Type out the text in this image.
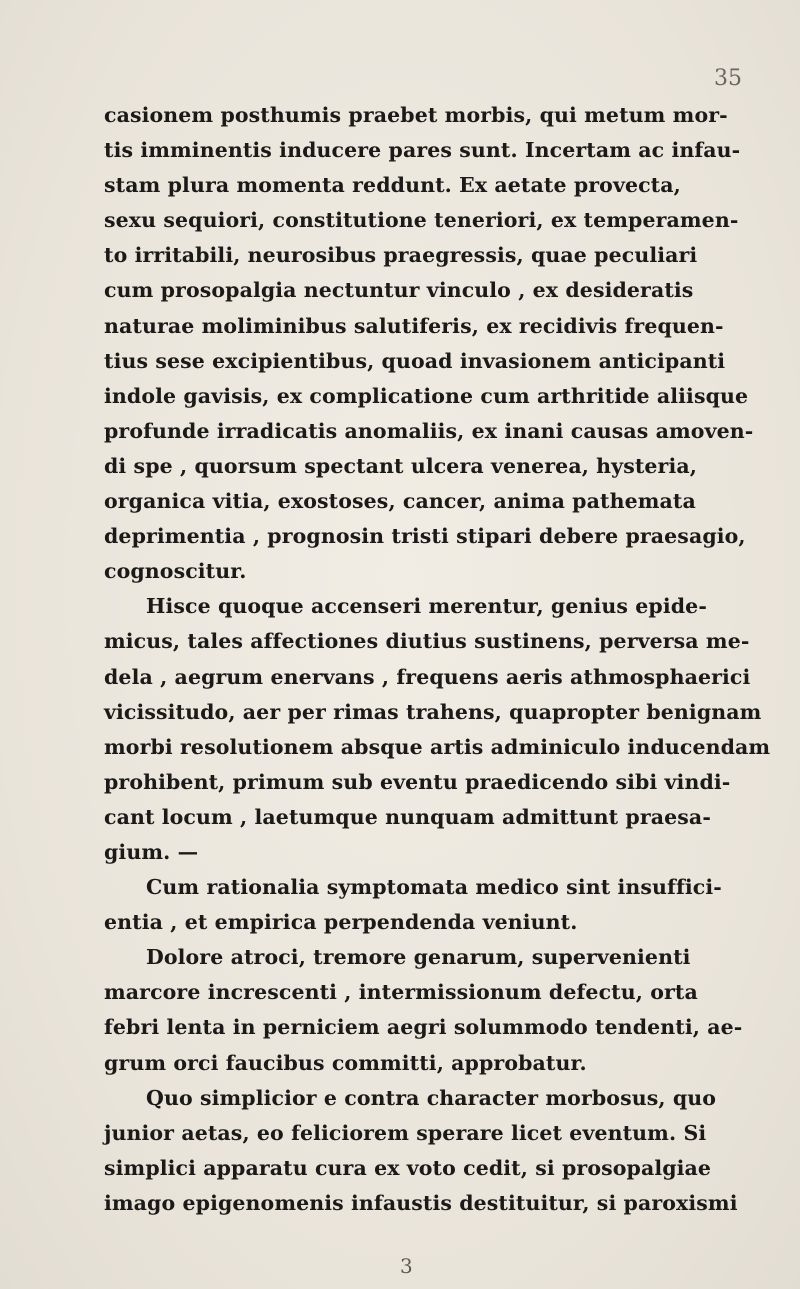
35
casionem posthumis praebet morbis, qui metum mor-
tis imminentis inducere pares sunt. Incertam ac infau-
stam plura momenta reddunt. Ex aetate provecta,
sexu sequiori, constitutione teneriori, ex temperamen-
to irritabili, neurosibus praegressis, quae peculiari
cum prosopalgia nectuntur vinculo , ex desideratis
naturae moliminibus salutiferis, ex recidivis frequen-
tius sese excipientibus, quoad invasionem anticipanti
indole gavisis, ex complicatione cum arthritide aliisque
profunde irradicatis anomaliis, ex inani causas amoven-
di spe , quorsum spectant ulcera venerea, hysteria,
organica vitia, exostoses, cancer, anima pathemata
deprimentia , prognosin tristi stipari debere praesagio,
cognoscitur.
Hisce quoque accenseri merentur, genius epide-
micus, tales affectiones diutius sustinens, perversa me-
dela , aegrum enervans , frequens aeris athmosphaerici
vicissitudo, aer per rimas trahens, quapropter benignam
morbi resolutionem absque artis adminiculo inducendam
prohibent, primum sub eventu praedicendo sibi vindi-
cant locum , laetumque nunquam admittunt praesa-
gium. —
Cum rationalia symptomata medico sint insuffici-
entia , et empirica perpendenda veniunt.
Dolore atroci, tremore genarum, supervenienti
marcore increscenti , intermissionum defectu, orta
febri lenta in perniciem aegri solummodo tendenti, ae-
grum orci faucibus committi, approbatur.
Quo simplicior e contra character morbosus, quo
junior aetas, eo feliciorem sperare licet eventum. Si
simplici apparatu cura ex voto cedit, si prosopalgiae
imago epigenomenis infaustis destituitur, si paroxismi
3
